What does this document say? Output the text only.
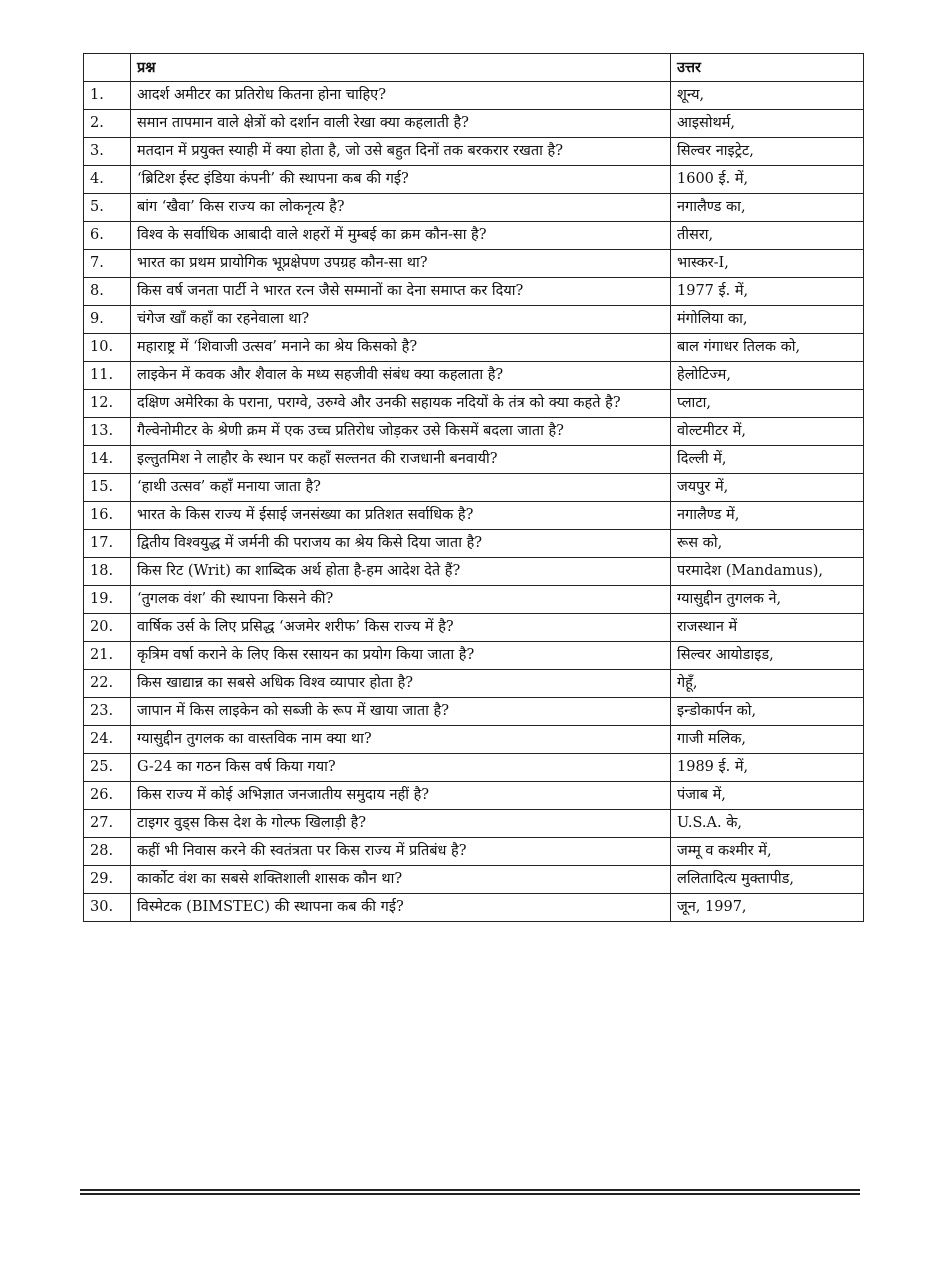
	प्रश्न	उत्तर
1.	आदर्श अमीटर का प्रतिरोध कितना होना चाहिए?	शून्य,
2.	समान तापमान वाले क्षेत्रों को दर्शान वाली रेखा क्या कहलाती है?	आइसोथर्म,
3.	मतदान में प्रयुक्त स्याही में क्या होता है, जो उसे बहुत दिनों तक बरकरार रखता है?	सिल्वर नाइट्रेट,
4.	‘ब्रिटिश ईस्ट इंडिया कंपनी’ की स्थापना कब की गई?	1600 ई. में,
5.	बांग ‘खैवा’ किस राज्य का लोकनृत्य है?	नगालैण्ड का,
6.	विश्व के सर्वाधिक आबादी वाले शहरों में मुम्बई का क्रम कौन-सा है?	तीसरा,
7.	भारत का प्रथम प्रायोगिक भूप्रक्षेपण उपग्रह कौन-सा था?	भास्कर-I,
8.	किस वर्ष जनता पार्टी ने भारत रत्न जैसे सम्मानों का देना समाप्त कर दिया?	1977 ई. में,
9.	चंगेज खाँ कहाँ का रहनेवाला था?	मंगोलिया का,
10.	महाराष्ट्र में ‘शिवाजी उत्सव’ मनाने का श्रेय किसको है?	बाल गंगाधर तिलक को,
11.	लाइकेन में कवक और शैवाल के मध्य सहजीवी संबंध क्या कहलाता है?	हेलोटिज्म,
12.	दक्षिण अमेरिका के पराना, पराग्वे, उरुग्वे और उनकी सहायक नदियों के तंत्र को क्या कहते है?	प्लाटा,
13.	गैल्वेनोमीटर के श्रेणी क्रम में एक उच्च प्रतिरोध जोड़कर उसे किसमें बदला जाता है?	वोल्टमीटर में,
14.	इल्तुतमिश ने लाहौर के स्थान पर कहाँ सल्तनत की राजधानी बनवायी?	दिल्ली में,
15.	‘हाथी उत्सव’ कहाँ मनाया जाता है?	जयपुर में,
16.	भारत के किस राज्य में ईसाई जनसंख्या का प्रतिशत सर्वाधिक है?	नगालैण्ड में,
17.	द्वितीय विश्वयुद्ध में जर्मनी की पराजय का श्रेय किसे दिया जाता है?	रूस को,
18.	किस रिट (Writ) का शाब्दिक अर्थ होता है-हम आदेश देते हैं?	परमादेश (Mandamus),
19.	‘तुगलक वंश’ की स्थापना किसने की?	ग्यासुद्दीन तुगलक ने,
20.	वार्षिक उर्स के लिए प्रसिद्ध ‘अजमेर शरीफ’ किस राज्य में है?	राजस्थान में
21.	कृत्रिम वर्षा कराने के लिए किस रसायन का प्रयोग किया जाता है?	सिल्वर आयोडाइड,
22.	किस खाद्यान्न का सबसे अधिक विश्व व्यापार होता है?	गेहूँ,
23.	जापान में किस लाइकेन को सब्जी के रूप में खाया जाता है?	इन्डोकार्पन को,
24.	ग्यासुद्दीन तुगलक का वास्तविक नाम क्या था?	गाजी मलिक,
25.	G-24 का गठन किस वर्ष किया गया?	1989 ई. में,
26.	किस राज्य में कोई अभिज्ञात जनजातीय समुदाय नहीं है?	पंजाब में,
27.	टाइगर वुड्स किस देश के गोल्फ खिलाड़ी है?	U.S.A. के,
28.	कहीं भी निवास करने की स्वतंत्रता पर किस राज्य में प्रतिबंध है?	जम्मू व कश्मीर में,
29.	कार्कोट वंश का सबसे शक्तिशाली शासक कौन था?	ललितादित्य मुक्तापीड,
30.	विस्मेटक (BIMSTEC) की स्थापना कब की गई?	जून, 1997,
